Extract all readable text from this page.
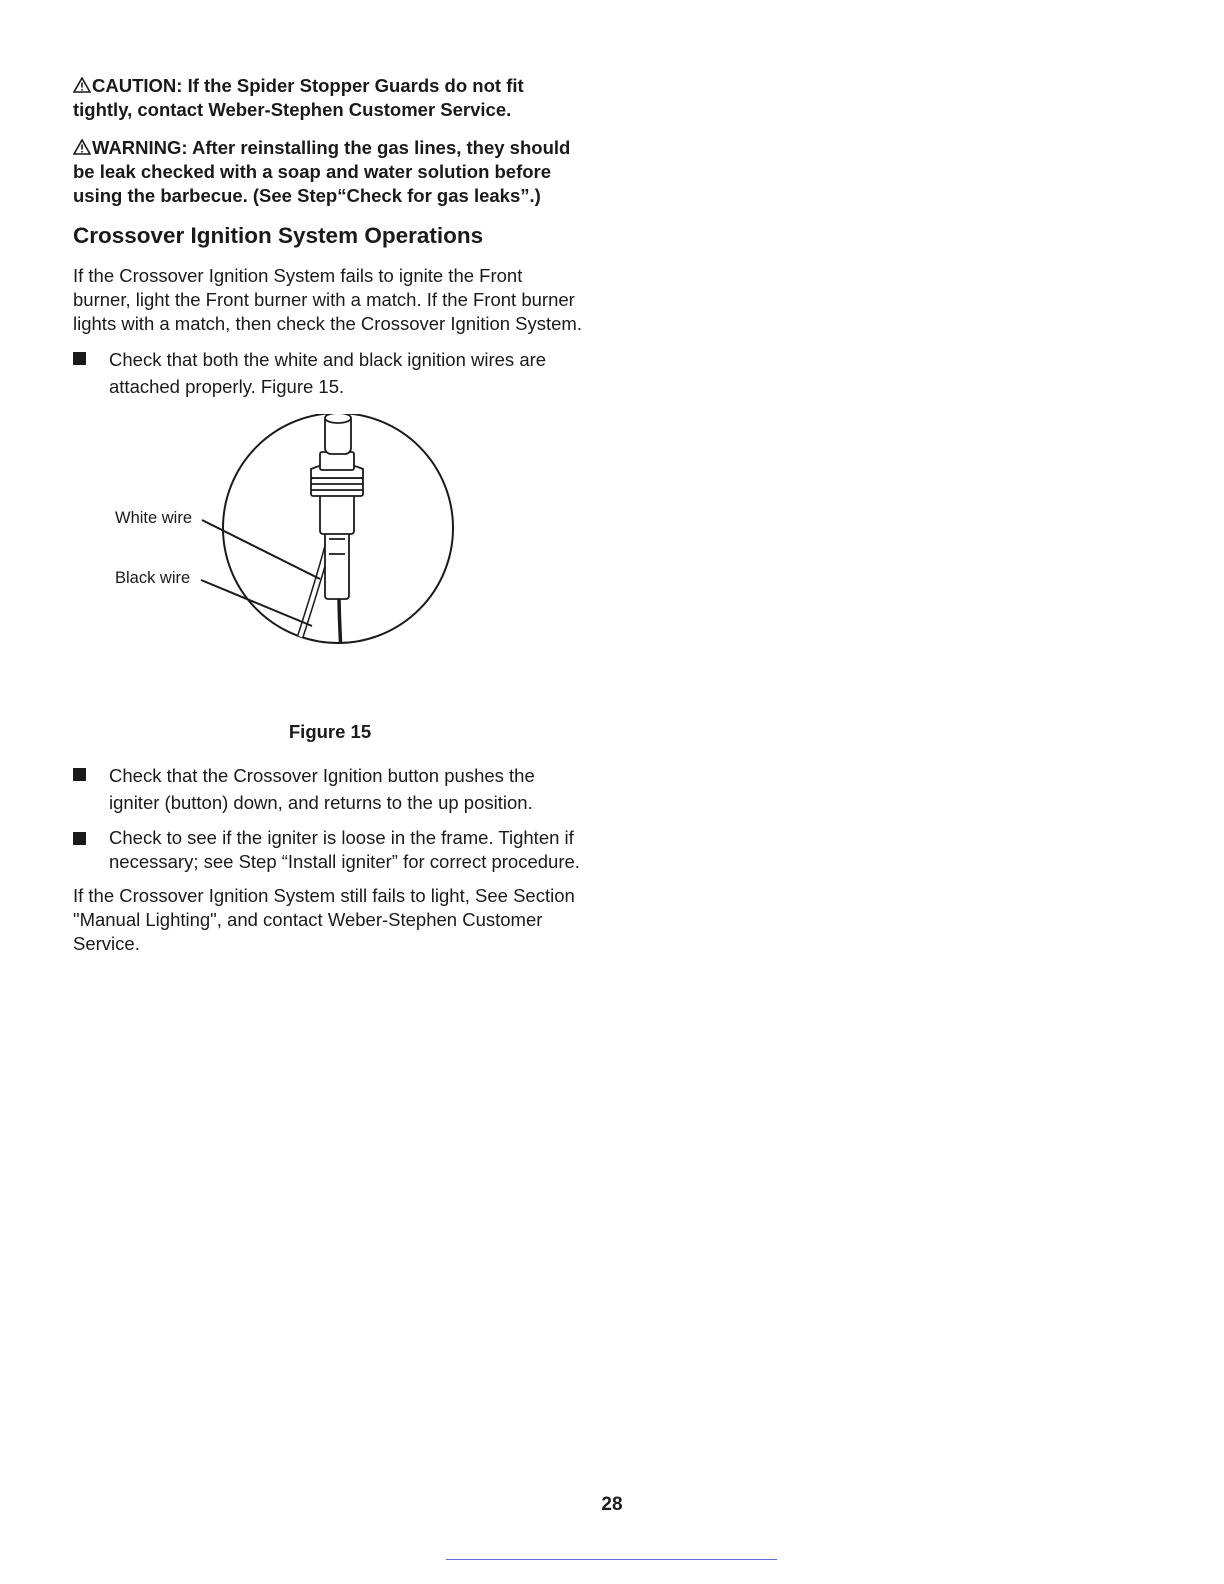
CAUTION: If the Spider Stopper Guards do not fit tightly, contact Weber-Stephen Customer Service.

WARNING: After reinstalling the gas lines, they should be leak checked with a soap and water solution before using the barbecue. (See Step“Check for gas leaks”.)

Crossover Ignition System Operations

If the Crossover Ignition System fails to ignite the Front burner, light the Front burner with a match. If the Front burner lights with a match, then check the Crossover Ignition System.

Check that both the white and black ignition wires are attached properly. Figure 15.
White wire
Black wire
Figure 15
Check that the Crossover Ignition button pushes the igniter (button) down, and returns to the up position.
Check to see if the igniter is loose in the frame. Tighten if necessary; see Step “Install igniter” for correct procedure.

If the Crossover Ignition System still fails to light, See Section "Manual Lighting", and contact Weber-Stephen Customer Service.

28
